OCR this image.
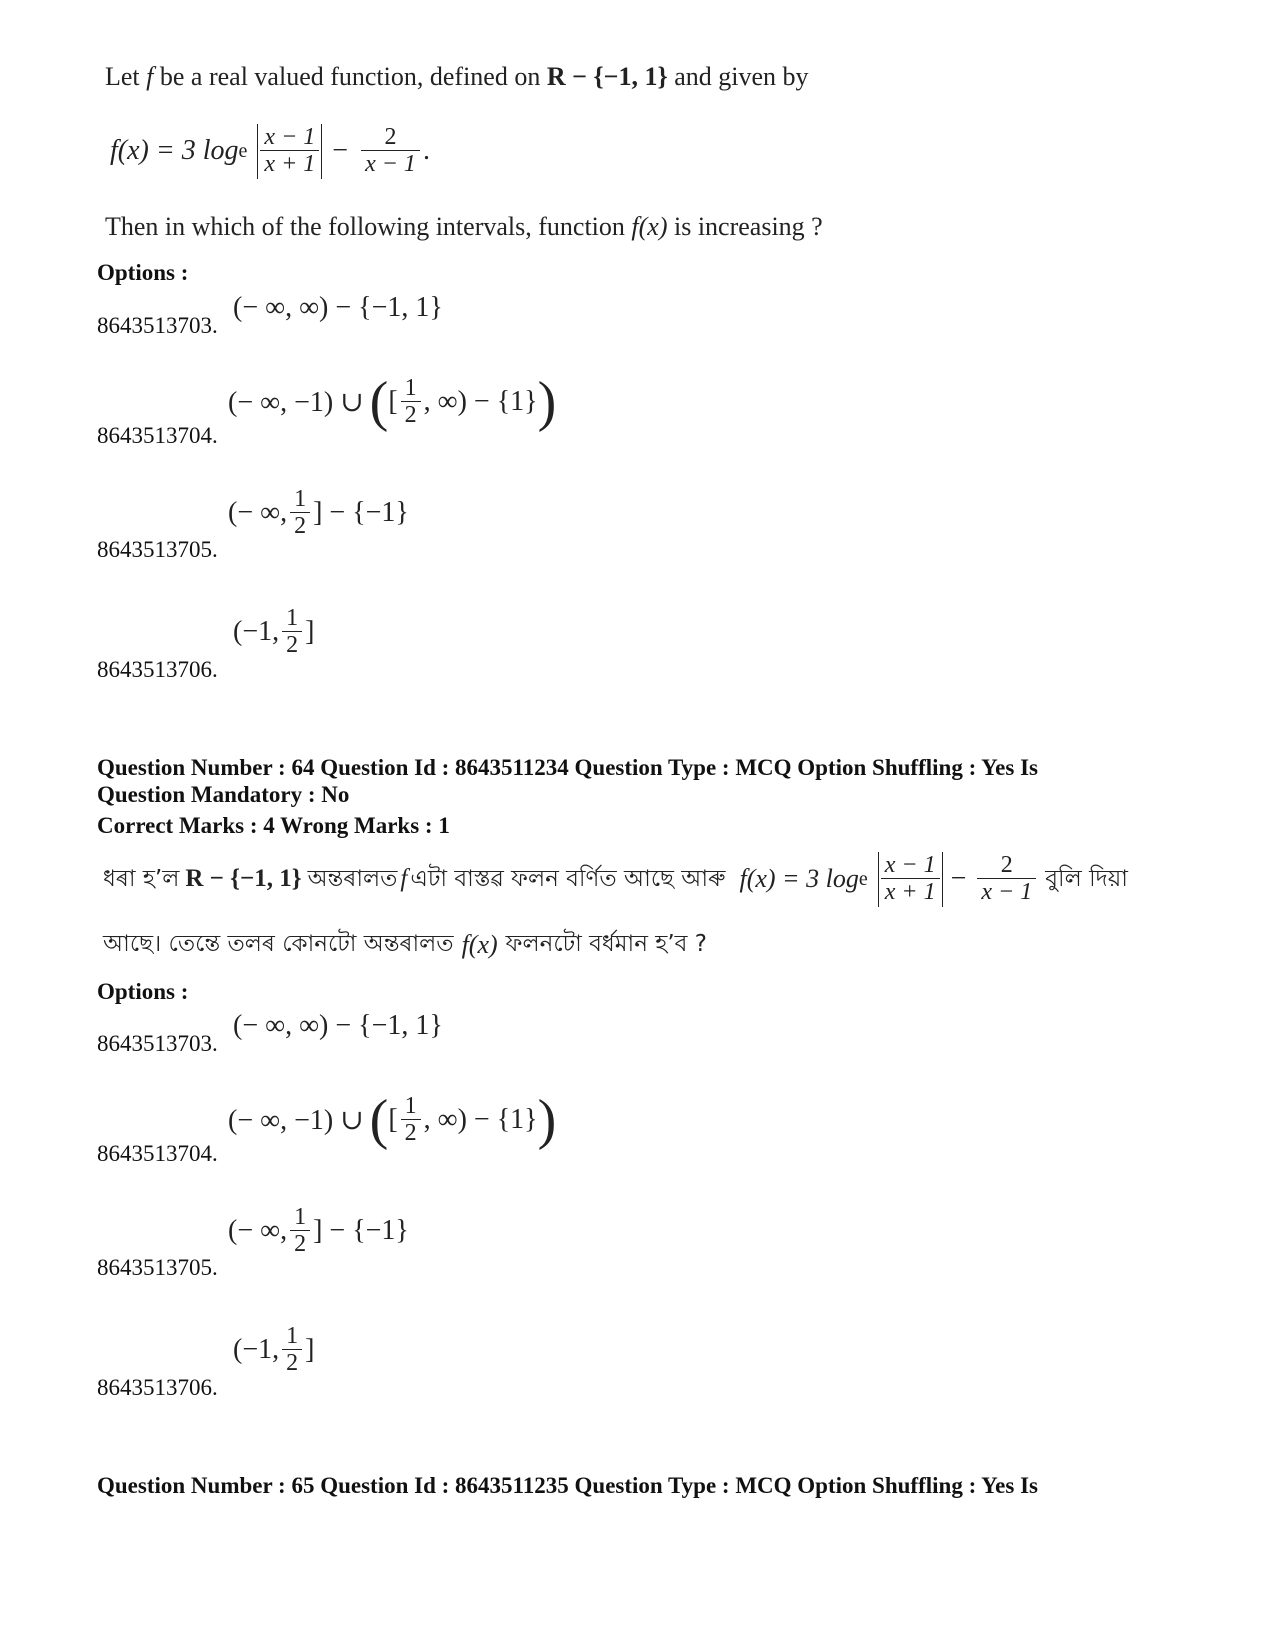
Let f be a real valued function, defined on R − {−1, 1} and given by
f(x) = 3 log e $\frac{x - 1}{x + 1} - \frac{2}{x - 1}$ .
Then in which of the following intervals, function f(x) is increasing ?
Options :
8643513703.
(− ∞, ∞) − {−1, 1}
8643513704.
(− ∞, −1) ∪ ( [ $\frac{1}{2}$ , ∞) − {1} )
8643513705.
(− ∞, $\frac{1}{2}$ ] − {−1}
8643513706.
(−1, $\frac{1}{2}$ ]
Question Number : 64 Question Id : 8643511234 Question Type : MCQ Option Shuffling : Yes Is
Question Mandatory : No
Correct Marks : 4 Wrong Marks : 1
ধৰা হ’ল R − {−1, 1} অন্তৰালত f এটা বাস্তৱ ফলন বৰ্ণিত আছে আৰু f(x) = 3 log e $\frac{x - 1}{x + 1} - \frac{2}{x - 1}$ বুলি দিয়া
আছে। তেন্তে তলৰ কোনটো অন্তৰালত f(x) ফলনটো বৰ্ধমান হ’ব ?
Options :
8643513703.
(− ∞, ∞) − {−1, 1}
8643513704.
(− ∞, −1) ∪ ( [ $\frac{1}{2}$ , ∞) − {1} )
8643513705.
(− ∞, $\frac{1}{2}$ ] − {−1}
8643513706.
(−1, $\frac{1}{2}$ ]
Question Number : 65 Question Id : 8643511235 Question Type : MCQ Option Shuffling : Yes Is
